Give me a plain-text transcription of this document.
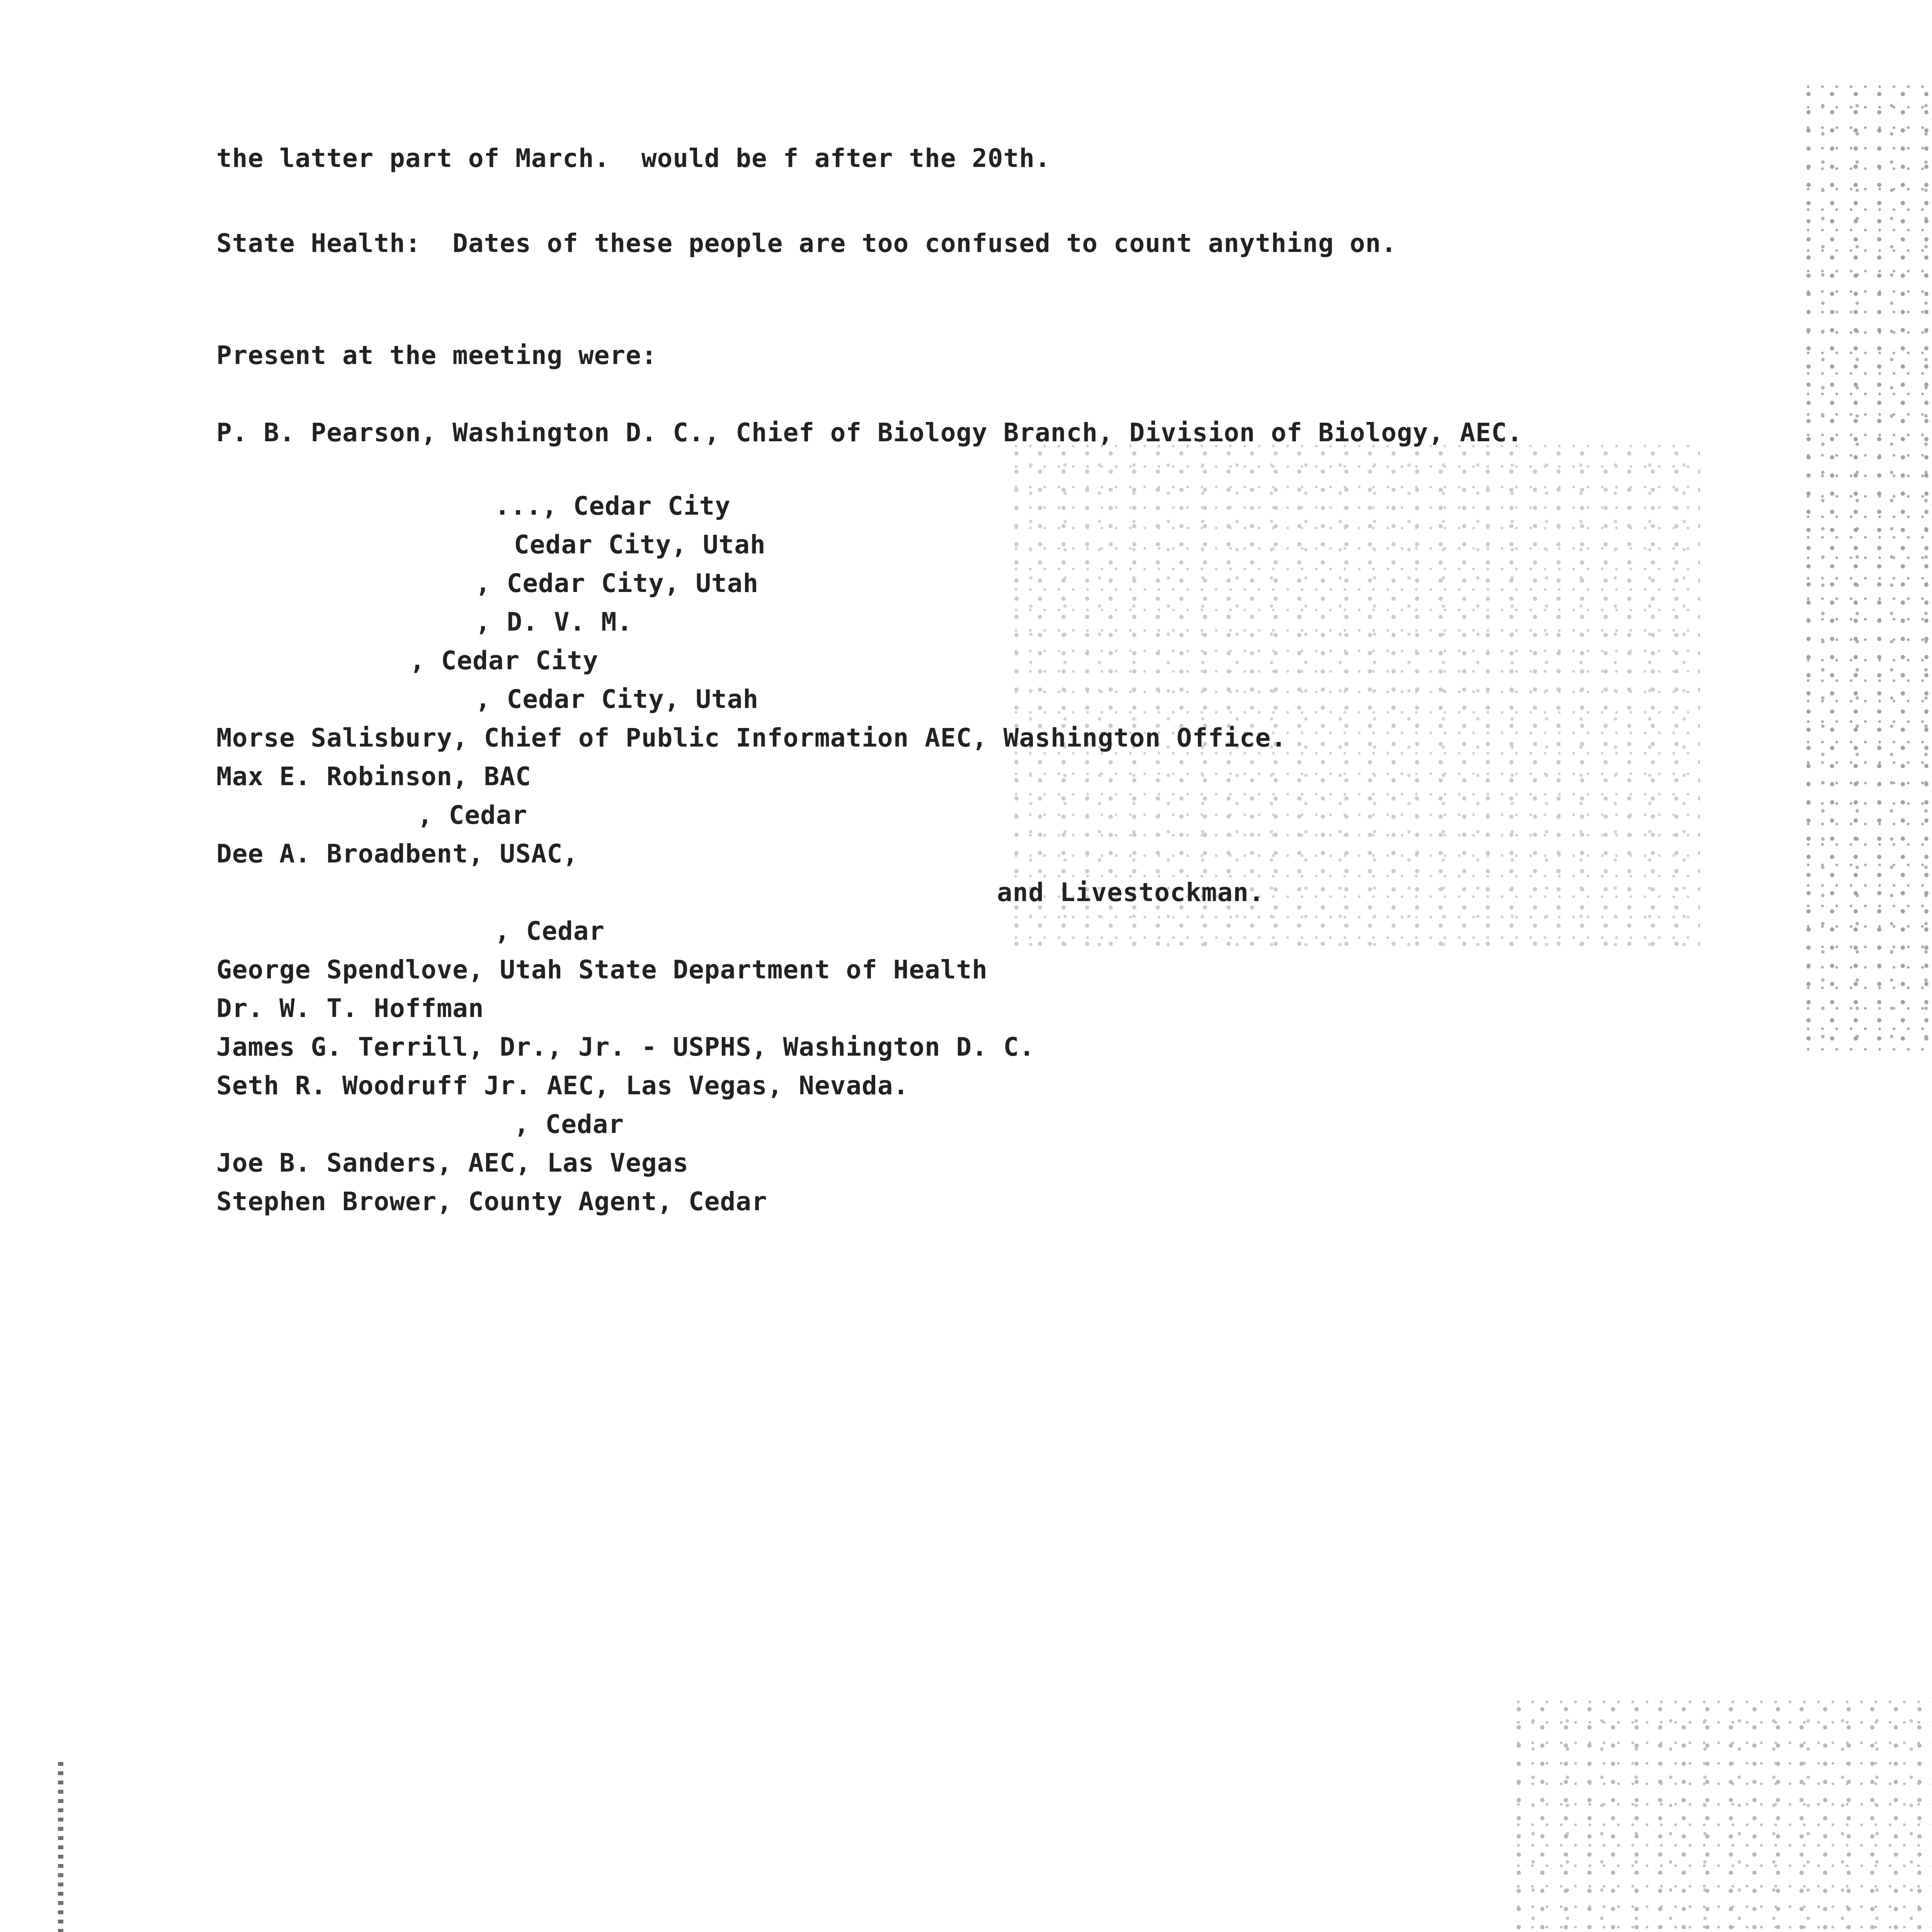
the latter part of March.  would be f after the 20th.
State Health:  Dates of these people are too confused to count anything on.
Present at the meeting were:
P. B. Pearson, Washington D. C., Chief of Biology Branch, Division of Biology, AEC.
..., Cedar City
Cedar City, Utah
, Cedar City, Utah
, D. V. M.
, Cedar City
, Cedar City, Utah
Morse Salisbury, Chief of Public Information AEC, Washington Office.
Max E. Robinson, BAC
, Cedar
Dee A. Broadbent, USAC,
and Livestockman.
, Cedar
George Spendlove, Utah State Department of Health
Dr. W. T. Hoffman
James G. Terrill, Dr., Jr. - USPHS, Washington D. C.
Seth R. Woodruff Jr. AEC, Las Vegas, Nevada.
, Cedar
Joe B. Sanders, AEC, Las Vegas
Stephen Brower, County Agent, Cedar
